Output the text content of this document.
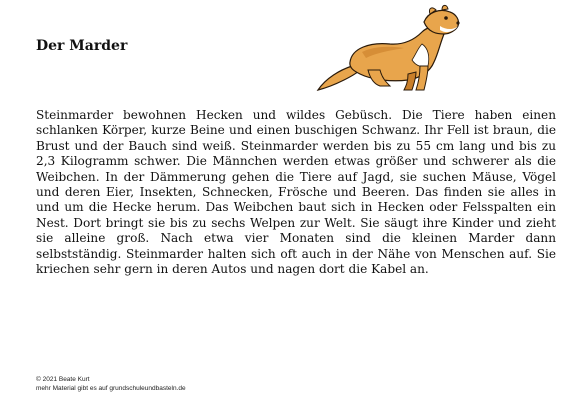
Der Marder

Steinmarder bewohnen Hecken und wildes Gebüsch. Die Tiere haben einen schlanken Körper, kurze Beine und einen buschigen Schwanz. Ihr Fell ist braun, die Brust und der Bauch sind weiß. Steinmarder werden bis zu 55 cm lang und bis zu 2,3 Kilogramm schwer. Die Männchen werden etwas größer und schwerer als die Weibchen. In der Dämmerung gehen die Tiere auf Jagd, sie suchen Mäuse, Vögel und deren Eier, Insekten, Schnecken, Frösche und Beeren. Das finden sie alles in und um die Hecke herum. Das Weibchen baut sich in Hecken oder Felsspalten ein Nest. Dort bringt sie bis zu sechs Welpen zur Welt. Sie säugt ihre Kinder und zieht sie alleine groß. Nach etwa vier Monaten sind die kleinen Marder dann selbstständig. Steinmarder halten sich oft auch in der Nähe von Menschen auf. Sie kriechen sehr gern in deren Autos und nagen dort die Kabel an.

© 2021 Beate Kurt
mehr Material gibt es auf grundschuleundbasteln.de
